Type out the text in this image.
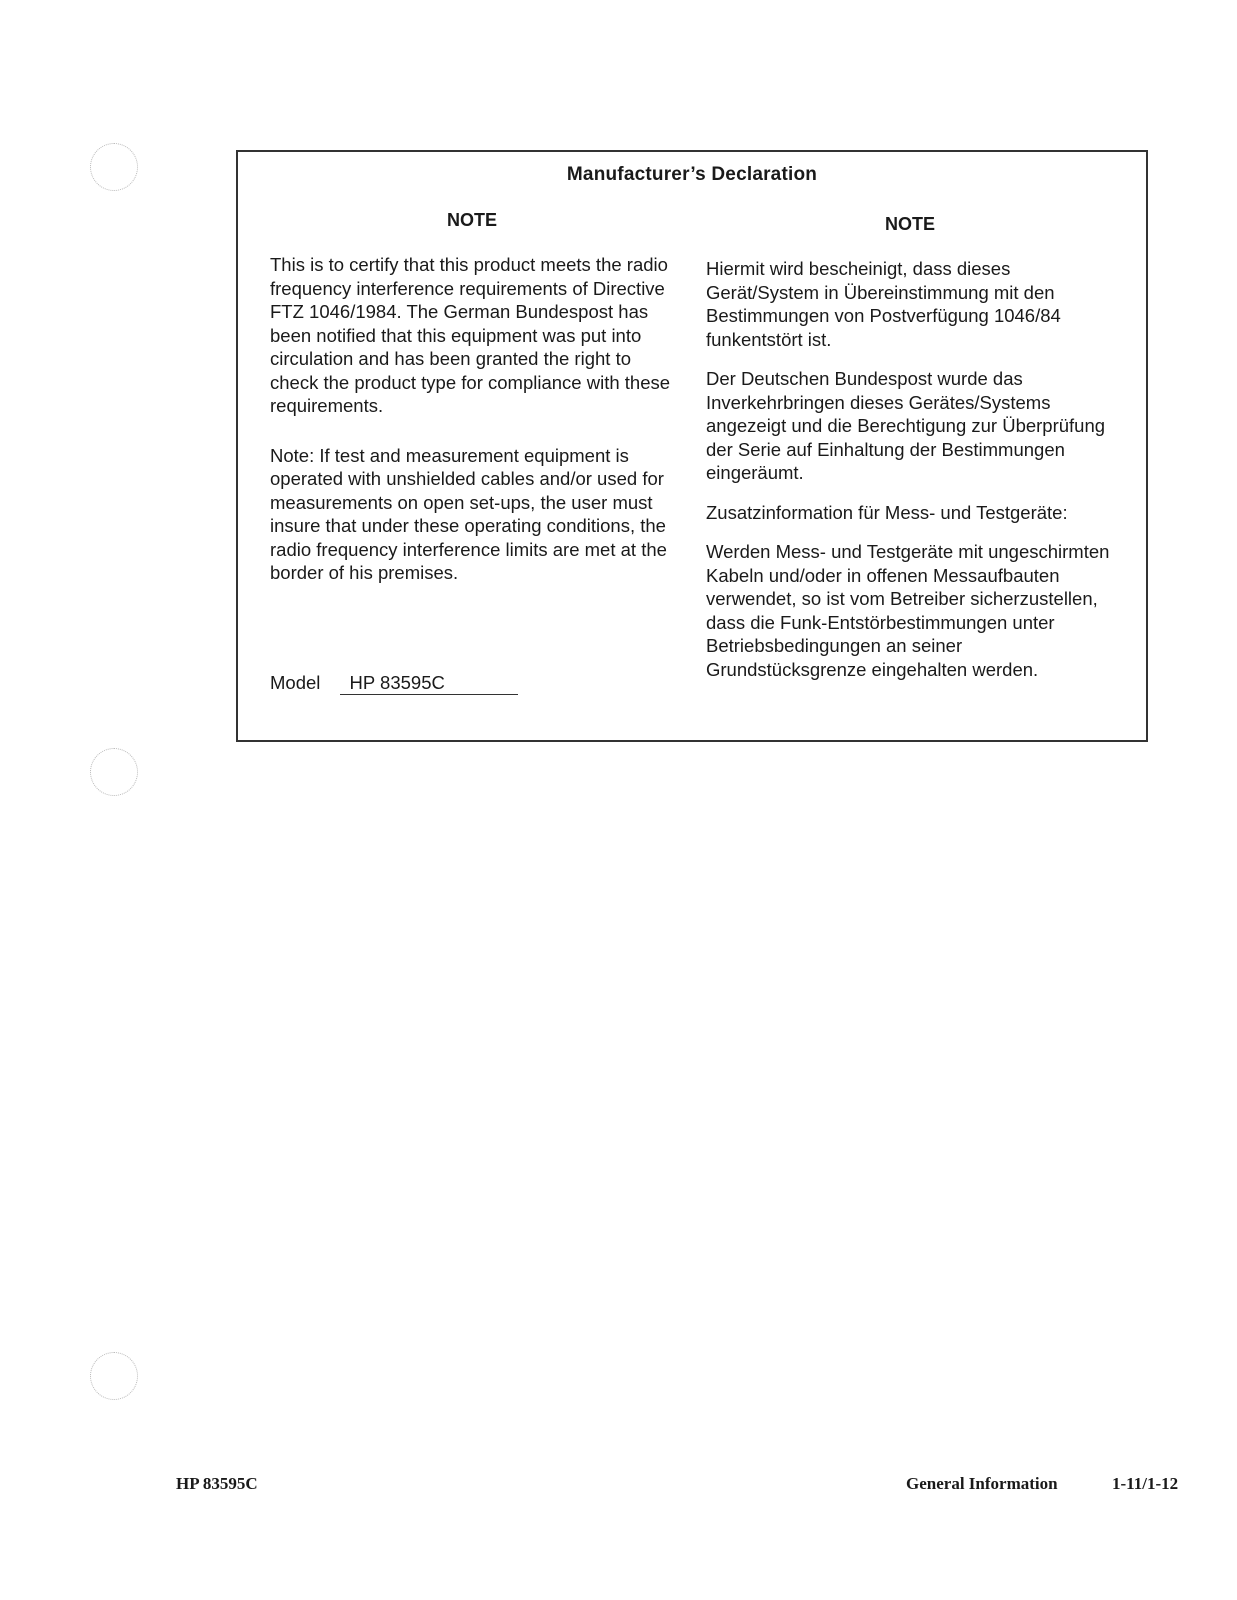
Manufacturer’s Declaration

NOTE

This is to certify that this product meets the radio frequency interference requirements of Directive FTZ 1046/1984. The German Bundespost has been notified that this equipment was put into circulation and has been granted the right to check the product type for compliance with these requirements.

Note: If test and measurement equipment is operated with unshielded cables and/or used for measurements on open set-ups, the user must insure that under these operating conditions, the radio frequency interference limits are met at the border of his premises.

Model HP 83595C

NOTE

Hiermit wird bescheinigt, dass dieses Gerät/System in Übereinstimmung mit den Bestimmungen von Postverfügung 1046/84 funkentstört ist.

Der Deutschen Bundespost wurde das Inverkehrbringen dieses Gerätes/Systems angezeigt und die Berechtigung zur Überprüfung der Serie auf Einhaltung der Bestimmungen eingeräumt.

Zusatzinformation für Mess- und Testgeräte:

Werden Mess- und Testgeräte mit ungeschirmten Kabeln und/oder in offenen Messaufbauten verwendet, so ist vom Betreiber sicherzustellen, dass die Funk-Entstörbestimmungen unter Betriebsbedingungen an seiner Grundstücksgrenze eingehalten werden.

HP 83595C	General Information	1-11/1-12
